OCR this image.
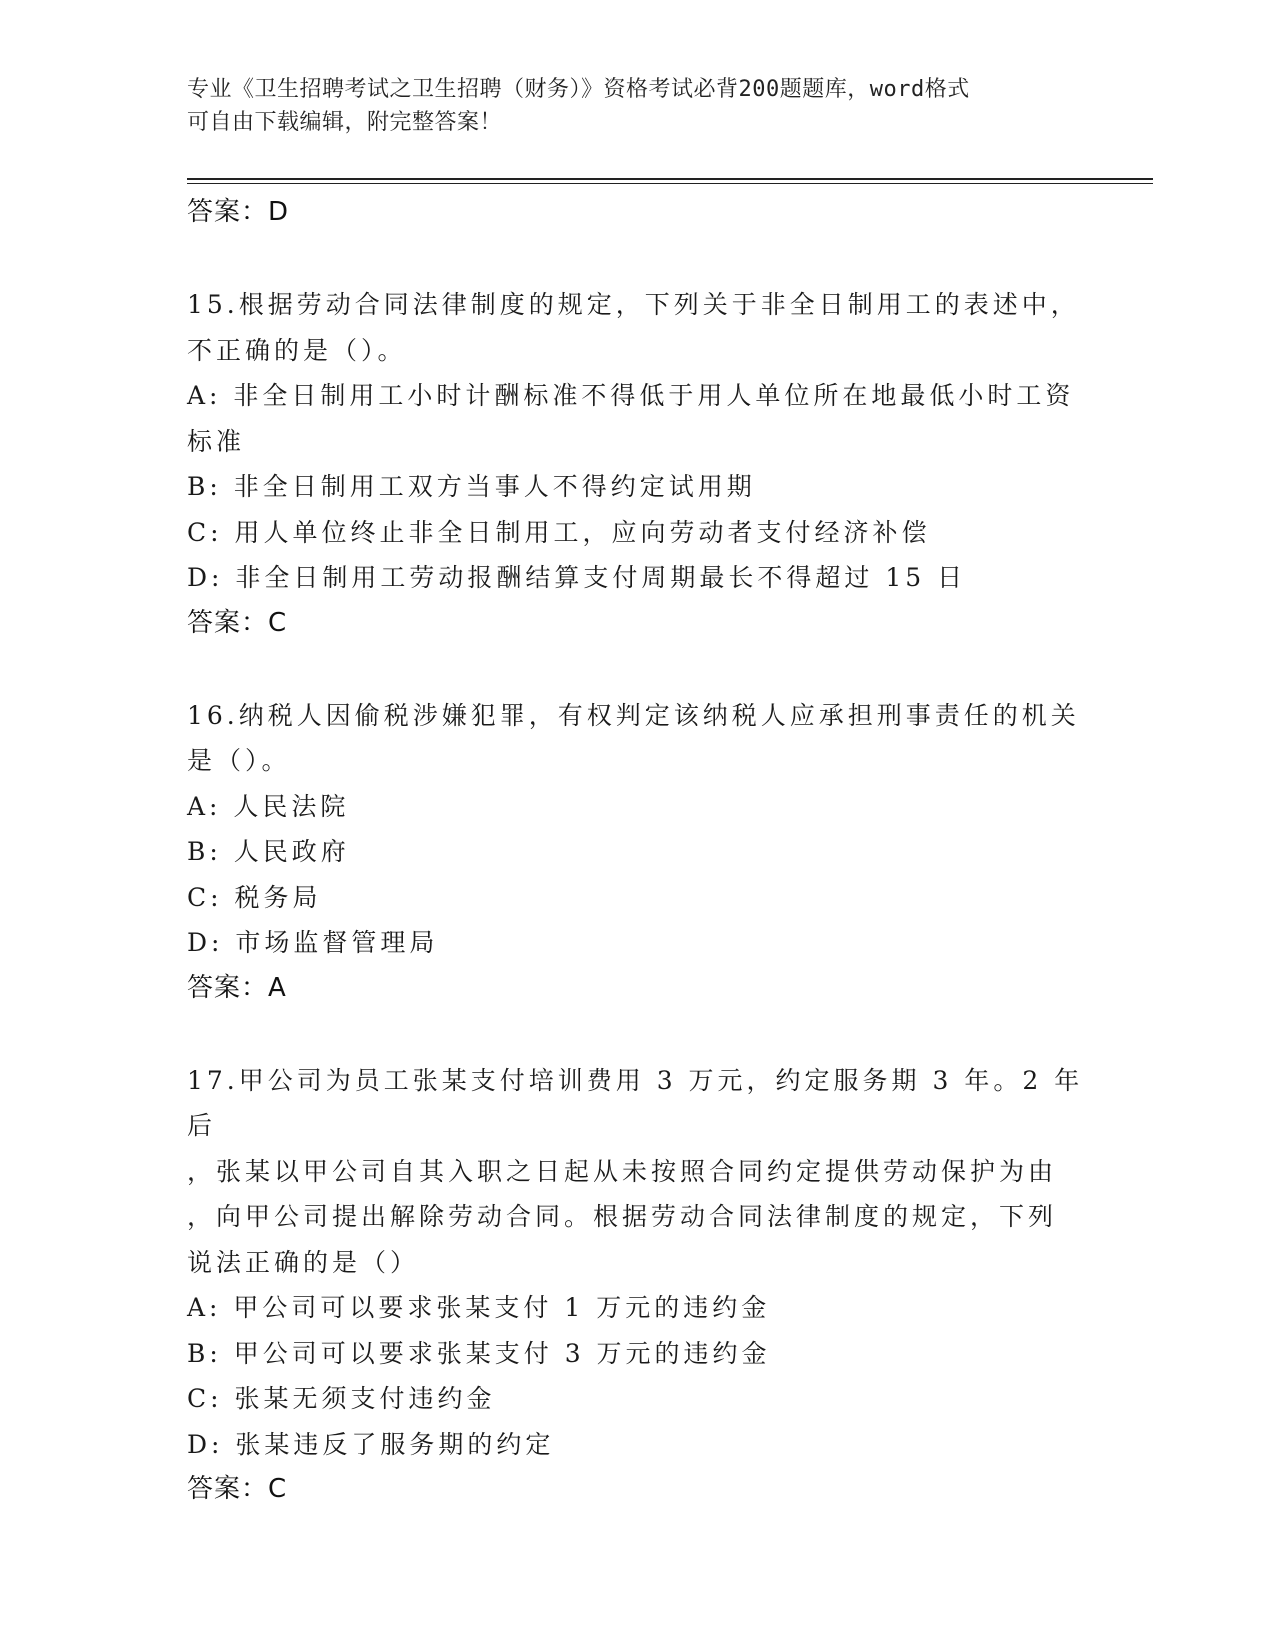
专业《卫生招聘考试之卫生招聘（财务）》资格考试必背200题题库，word格式
可自由下载编辑，附完整答案！
答案：D
15.根据劳动合同法律制度的规定，下列关于非全日制用工的表述中，
不正确的是（）。
A: 非全日制用工小时计酬标准不得低于用人单位所在地最低小时工资
标准
B: 非全日制用工双方当事人不得约定试用期
C: 用人单位终止非全日制用工，应向劳动者支付经济补偿
D: 非全日制用工劳动报酬结算支付周期最长不得超过 15 日
答案：C
16.纳税人因偷税涉嫌犯罪，有权判定该纳税人应承担刑事责任的机关
是（）。
A: 人民法院
B: 人民政府
C: 税务局
D: 市场监督管理局
答案：A
17.甲公司为员工张某支付培训费用 3 万元，约定服务期 3 年。2 年后
，张某以甲公司自其入职之日起从未按照合同约定提供劳动保护为由
，向甲公司提出解除劳动合同。根据劳动合同法律制度的规定，下列
说法正确的是（）
A: 甲公司可以要求张某支付 1 万元的违约金
B: 甲公司可以要求张某支付 3 万元的违约金
C: 张某无须支付违约金
D: 张某违反了服务期的约定
答案：C
